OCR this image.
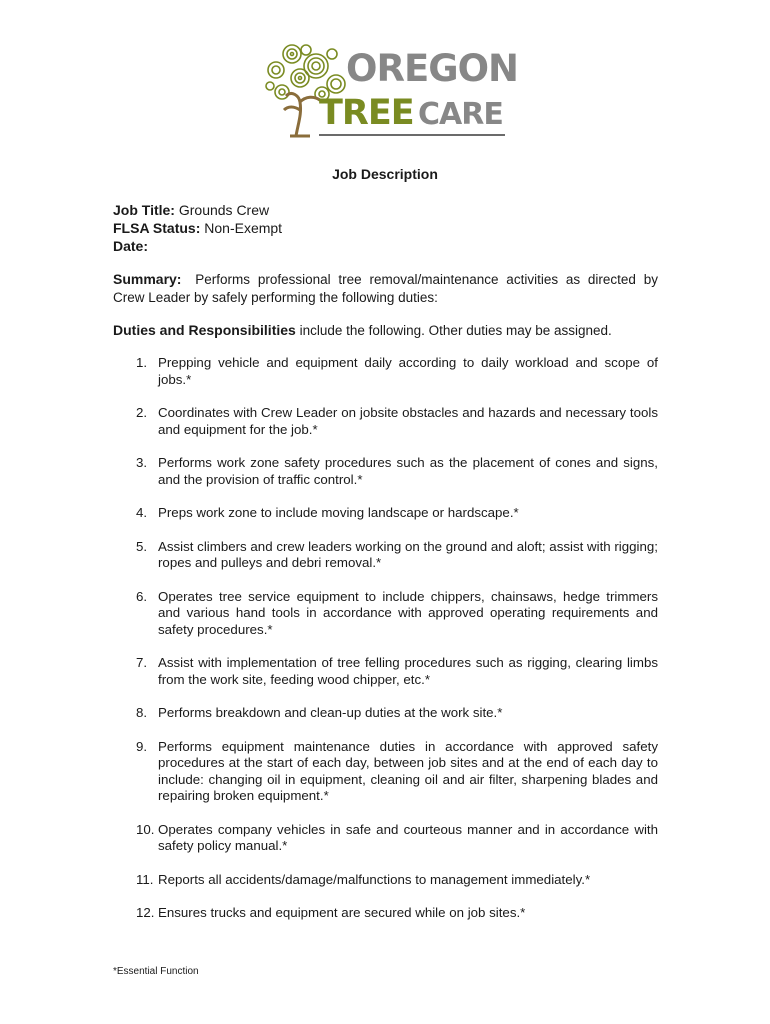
OREGON
TREE CARE
Job Description
Job Title: Grounds Crew
FLSA Status: Non-Exempt
Date:
Summary: Performs professional tree removal/maintenance activities as directed by Crew Leader by safely performing the following duties:
Duties and Responsibilities include the following. Other duties may be assigned.
1. Prepping vehicle and equipment daily according to daily workload and scope of jobs.*
2. Coordinates with Crew Leader on jobsite obstacles and hazards and necessary tools and equipment for the job.*
3. Performs work zone safety procedures such as the placement of cones and signs, and the provision of traffic control.*
4. Preps work zone to include moving landscape or hardscape.*
5. Assist climbers and crew leaders working on the ground and aloft; assist with rigging; ropes and pulleys and debri removal.*
6. Operates tree service equipment to include chippers, chainsaws, hedge trimmers and various hand tools in accordance with approved operating requirements and safety procedures.*
7. Assist with implementation of tree felling procedures such as rigging, clearing limbs from the work site, feeding wood chipper, etc.*
8. Performs breakdown and clean-up duties at the work site.*
9. Performs equipment maintenance duties in accordance with approved safety procedures at the start of each day, between job sites and at the end of each day to include: changing oil in equipment, cleaning oil and air filter, sharpening blades and repairing broken equipment.*
10. Operates company vehicles in safe and courteous manner and in accordance with safety policy manual.*
11. Reports all accidents/damage/malfunctions to management immediately.*
12. Ensures trucks and equipment are secured while on job sites.*
*Essential Function
